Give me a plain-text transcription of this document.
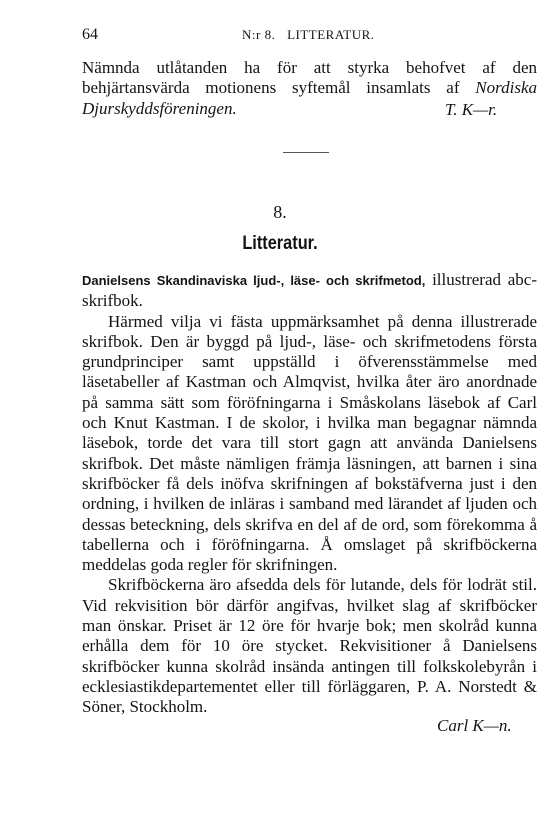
64	N:r 8. LITTERATUR.

Nämnda utlåtanden ha för att styrka behofvet af den behjärtansvärda motionens syftemål insamlats af Nordiska Djurskyddsföreningen.	T. K—r.
8.
Litteratur.

Danielsens Skandinaviska ljud-, läse- och skrifmetod, illustrerad abc-skrifbok.

Härmed vilja vi fästa uppmärksamhet på denna illustrerade skrifbok. Den är byggd på ljud-, läse- och skrifmetodens första grundprinciper samt uppställd i öfverensstämmelse med läsetabeller af Kastman och Almqvist, hvilka åter äro anordnade på samma sätt som föröfningarna i Småskolans läsebok af Carl och Knut Kastman. I de skolor, i hvilka man begagnar nämnda läsebok, torde det vara till stort gagn att använda Danielsens skrifbok. Det måste nämligen främja läsningen, att barnen i sina skrifböcker få dels inöfva skrifningen af bokstäfverna just i den ordning, i hvilken de inläras i samband med lärandet af ljuden och dessas beteckning, dels skrifva en del af de ord, som förekomma å tabellerna och i föröfningarna. Å omslaget på skrifböckerna meddelas goda regler för skrifningen.

Skrifböckerna äro afsedda dels för lutande, dels för lodrät stil. Vid rekvisition bör därför angifvas, hvilket slag af skrifböcker man önskar. Priset är 12 öre för hvarje bok; men skolråd kunna erhålla dem för 10 öre stycket. Rekvisitioner å Danielsens skrifböcker kunna skolråd insända antingen till folkskolebyrån i ecklesiastikdepartementet eller till förläggaren, P. A. Norstedt & Söner, Stockholm.

Carl K—n.
